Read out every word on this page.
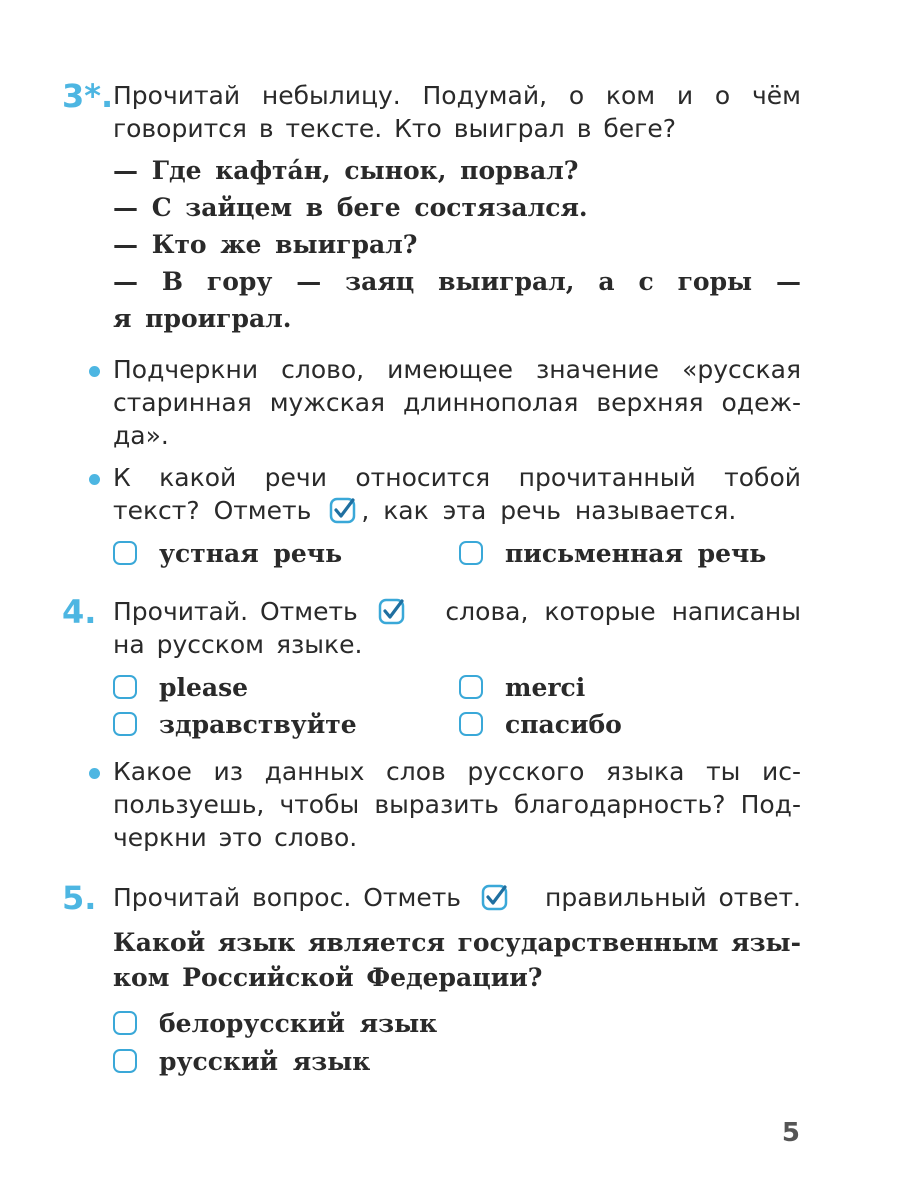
3*. Прочитай небылицу. Подумай, о ком и о чём
говорится в тексте. Кто выиграл в беге?
— Где кафта́н, сынок, порвал?
— С зайцем в беге состязался.
— Кто же выиграл?
— В гору — заяц выиграл, а с горы —
я проиграл.
Подчеркни слово, имеющее значение «русская
старинная мужская длиннополая верхняя одеж-
да».
К какой речи относится прочитанный тобой
текст? Отметь , как эта речь называется.
устная речь	письменная речь
4. Прочитай. Отметь	слова, которые написаны
на русском языке.
please	merci
здравствуйте	спасибо
Какое из данных слов русского языка ты ис-
пользуешь, чтобы выразить благодарность? Под-
черкни это слово.
5. Прочитай вопрос. Отметь	правильный ответ.
Какой язык является государственным язы-
ком Российской Федерации?
белорусский язык
русский язык
5
